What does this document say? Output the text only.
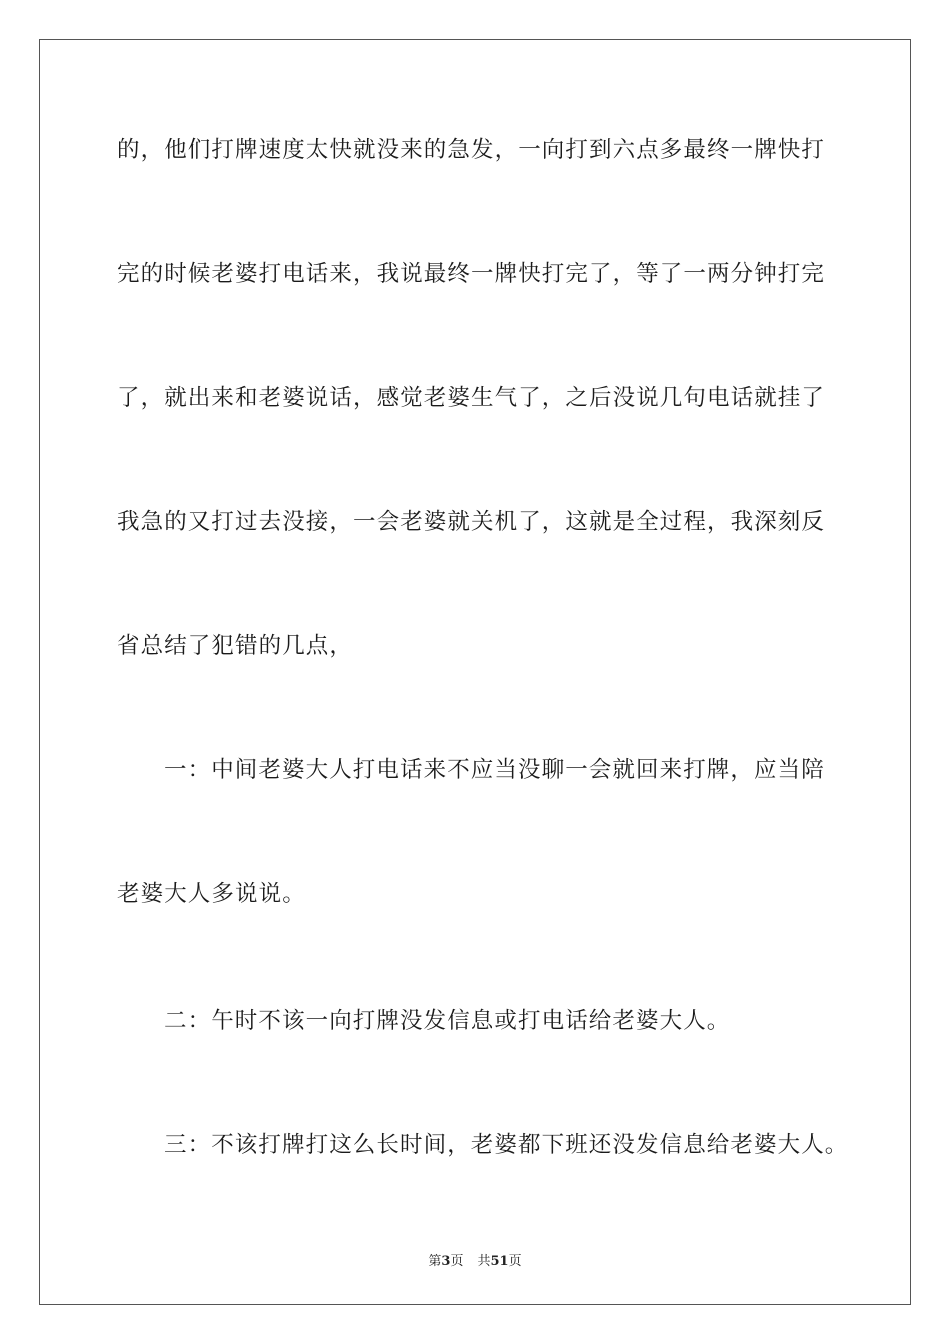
的，他们打牌速度太快就没来的急发，一向打到六点多最终一牌快打
完的时候老婆打电话来，我说最终一牌快打完了，等了一两分钟打完
了，就出来和老婆说话，感觉老婆生气了，之后没说几句电话就挂了
我急的又打过去没接，一会老婆就关机了，这就是全过程，我深刻反
省总结了犯错的几点，
一：中间老婆大人打电话来不应当没聊一会就回来打牌，应当陪
老婆大人多说说。
二：午时不该一向打牌没发信息或打电话给老婆大人。
三：不该打牌打这么长时间，老婆都下班还没发信息给老婆大人。
第3页 共51页
